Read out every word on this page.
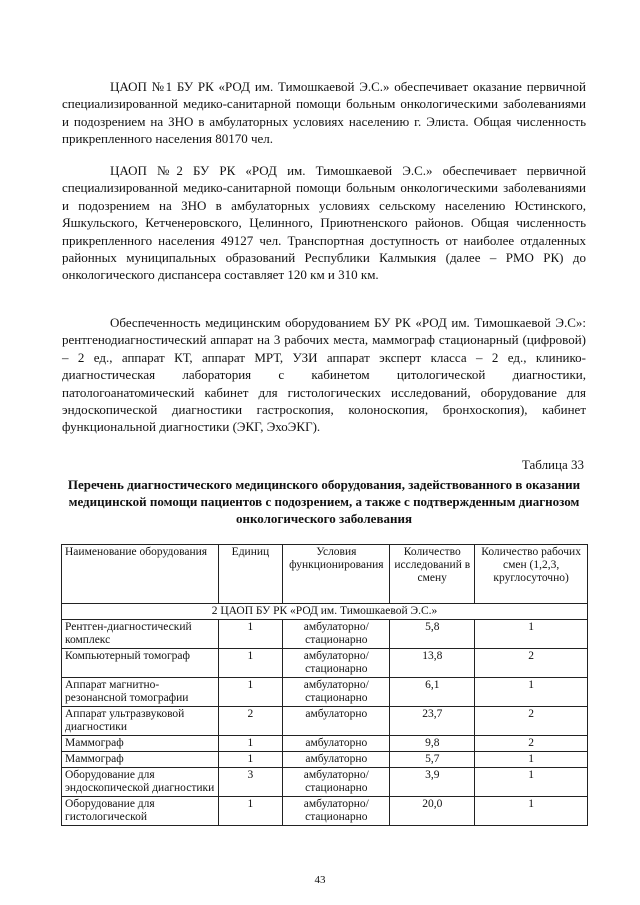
ЦАОП №1 БУ РК «РОД им. Тимошкаевой Э.С.» обеспечивает оказание первичной специализированной медико-санитарной помощи больным онкологическими заболеваниями и подозрением на ЗНО в амбулаторных условиях населению г. Элиста. Общая численность прикрепленного населения 80170 чел.

ЦАОП №2 БУ РК «РОД им. Тимошкаевой Э.С.» обеспечивает первичной специализированной медико-санитарной помощи больным онкологическими заболеваниями и подозрением на ЗНО в амбулаторных условиях сельскому населению Юстинского, Яшкульского, Кетченеровского, Целинного, Приютненского районов. Общая численность прикрепленного населения 49127 чел. Транспортная доступность от наиболее отдаленных районных муниципальных образований Республики Калмыкия (далее – РМО РК) до онкологического диспансера составляет 120 км и 310 км.

Обеспеченность медицинским оборудованием БУ РК «РОД им. Тимошкаевой Э.С»: рентгенодиагностический аппарат на 3 рабочих места, маммограф стационарный (цифровой) – 2 ед., аппарат КТ, аппарат МРТ, УЗИ аппарат эксперт класса – 2 ед., клинико-диагностическая лаборатория с кабинетом цитологической диагностики, патологоанатомический кабинет для гистологических исследований, оборудование для эндоскопической диагностики гастроскопия, колоноскопия, бронхоскопия), кабинет функциональной диагностики (ЭКГ, ЭхоЭКГ).

Таблица 33

Перечень диагностического медицинского оборудования, задействованного в оказании медицинской помощи пациентов с подозрением, а также с подтвержденным диагнозом онкологического заболевания

Наименование оборудования	Единиц	Условия функционирования	Количество исследований в смену	Количество рабочих смен (1,2,3, круглосуточно)
2 ЦАОП БУ РК «РОД им. Тимошкаевой Э.С.»				
Рентген-диагностический комплекс	1	амбулаторно/ стационарно	5,8	1
Компьютерный томограф	1	амбулаторно/ стационарно	13,8	2
Аппарат магнитно-резонансной томографии	1	амбулаторно/ стационарно	6,1	1
Аппарат ультразвуковой диагностики	2	амбулаторно	23,7	2
Маммограф	1	амбулаторно	9,8	2
Маммограф	1	амбулаторно	5,7	1
Оборудование для эндоскопической диагностики	3	амбулаторно/ стационарно	3,9	1
Оборудование для гистологической	1	амбулаторно/ стационарно	20,0	1
43
